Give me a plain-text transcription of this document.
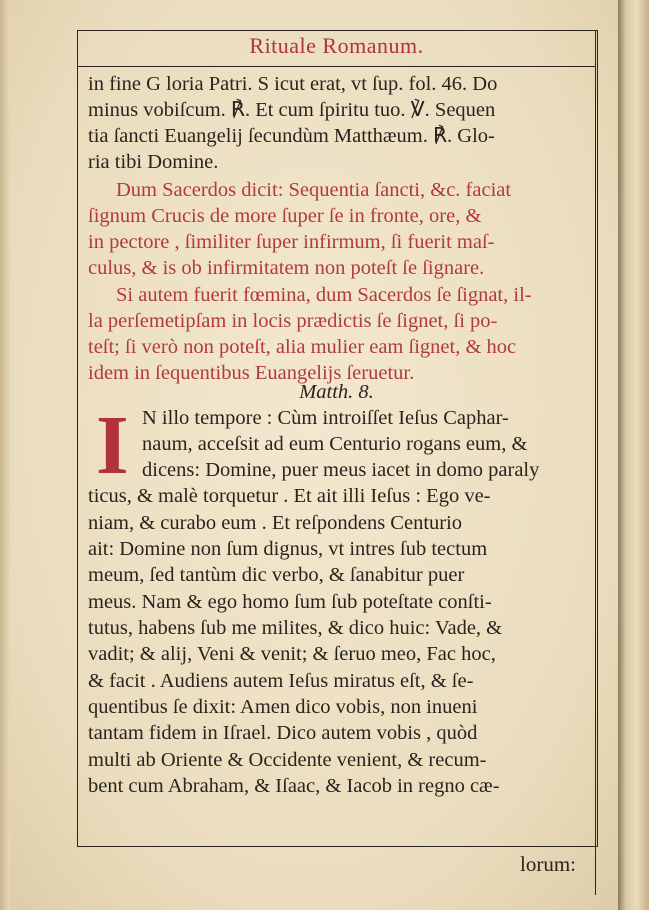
Rituale Romanum.
in fine G loria Patri. S icut erat, vt ſup. fol. 46. Do
minus vobiſcum. ℟. Et cum ſpiritu tuo. ℣. Sequen
tia ſancti Euangelij ſecundùm Matthæum. ℟. Glo-
ria tibi Domine.
Dum Sacerdos dicit: Sequentia ſancti, &c. faciat
ſignum Crucis de more ſuper ſe in fronte, ore, &
in pectore , ſimiliter ſuper infirmum, ſi fuerit maſ-
culus, & is ob infirmitatem non poteſt ſe ſignare.
Si autem fuerit fœmina, dum Sacerdos ſe ſignat, il-
la perſemetipſam in locis prædictis ſe ſignet, ſi po-
teſt; ſi verò non poteſt, alia mulier eam ſignet, & hoc
idem in ſequentibus Euangelijs ſeruetur.
Matth. 8.
I N illo tempore : Cùm introiſſet Ieſus Caphar-
naum, acceſsit ad eum Centurio rogans eum, &
dicens: Domine, puer meus iacet in domo paraly
ticus, & malè torquetur . Et ait illi Ieſus : Ego ve-
niam, & curabo eum . Et reſpondens Centurio
ait: Domine non ſum dignus, vt intres ſub tectum
meum, ſed tantùm dic verbo, & ſanabitur puer
meus. Nam & ego homo ſum ſub poteſtate conſti-
tutus, habens ſub me milites, & dico huic: Vade, &
vadit; & alij, Veni & venit; & ſeruo meo, Fac hoc,
& facit . Audiens autem Ieſus miratus eſt, & ſe-
quentibus ſe dixit: Amen dico vobis, non inueni
tantam fidem in Iſrael. Dico autem vobis , quòd
multi ab Oriente & Occidente venient, & recum-
bent cum Abraham, & Iſaac, & Iacob in regno cæ-
lorum:
